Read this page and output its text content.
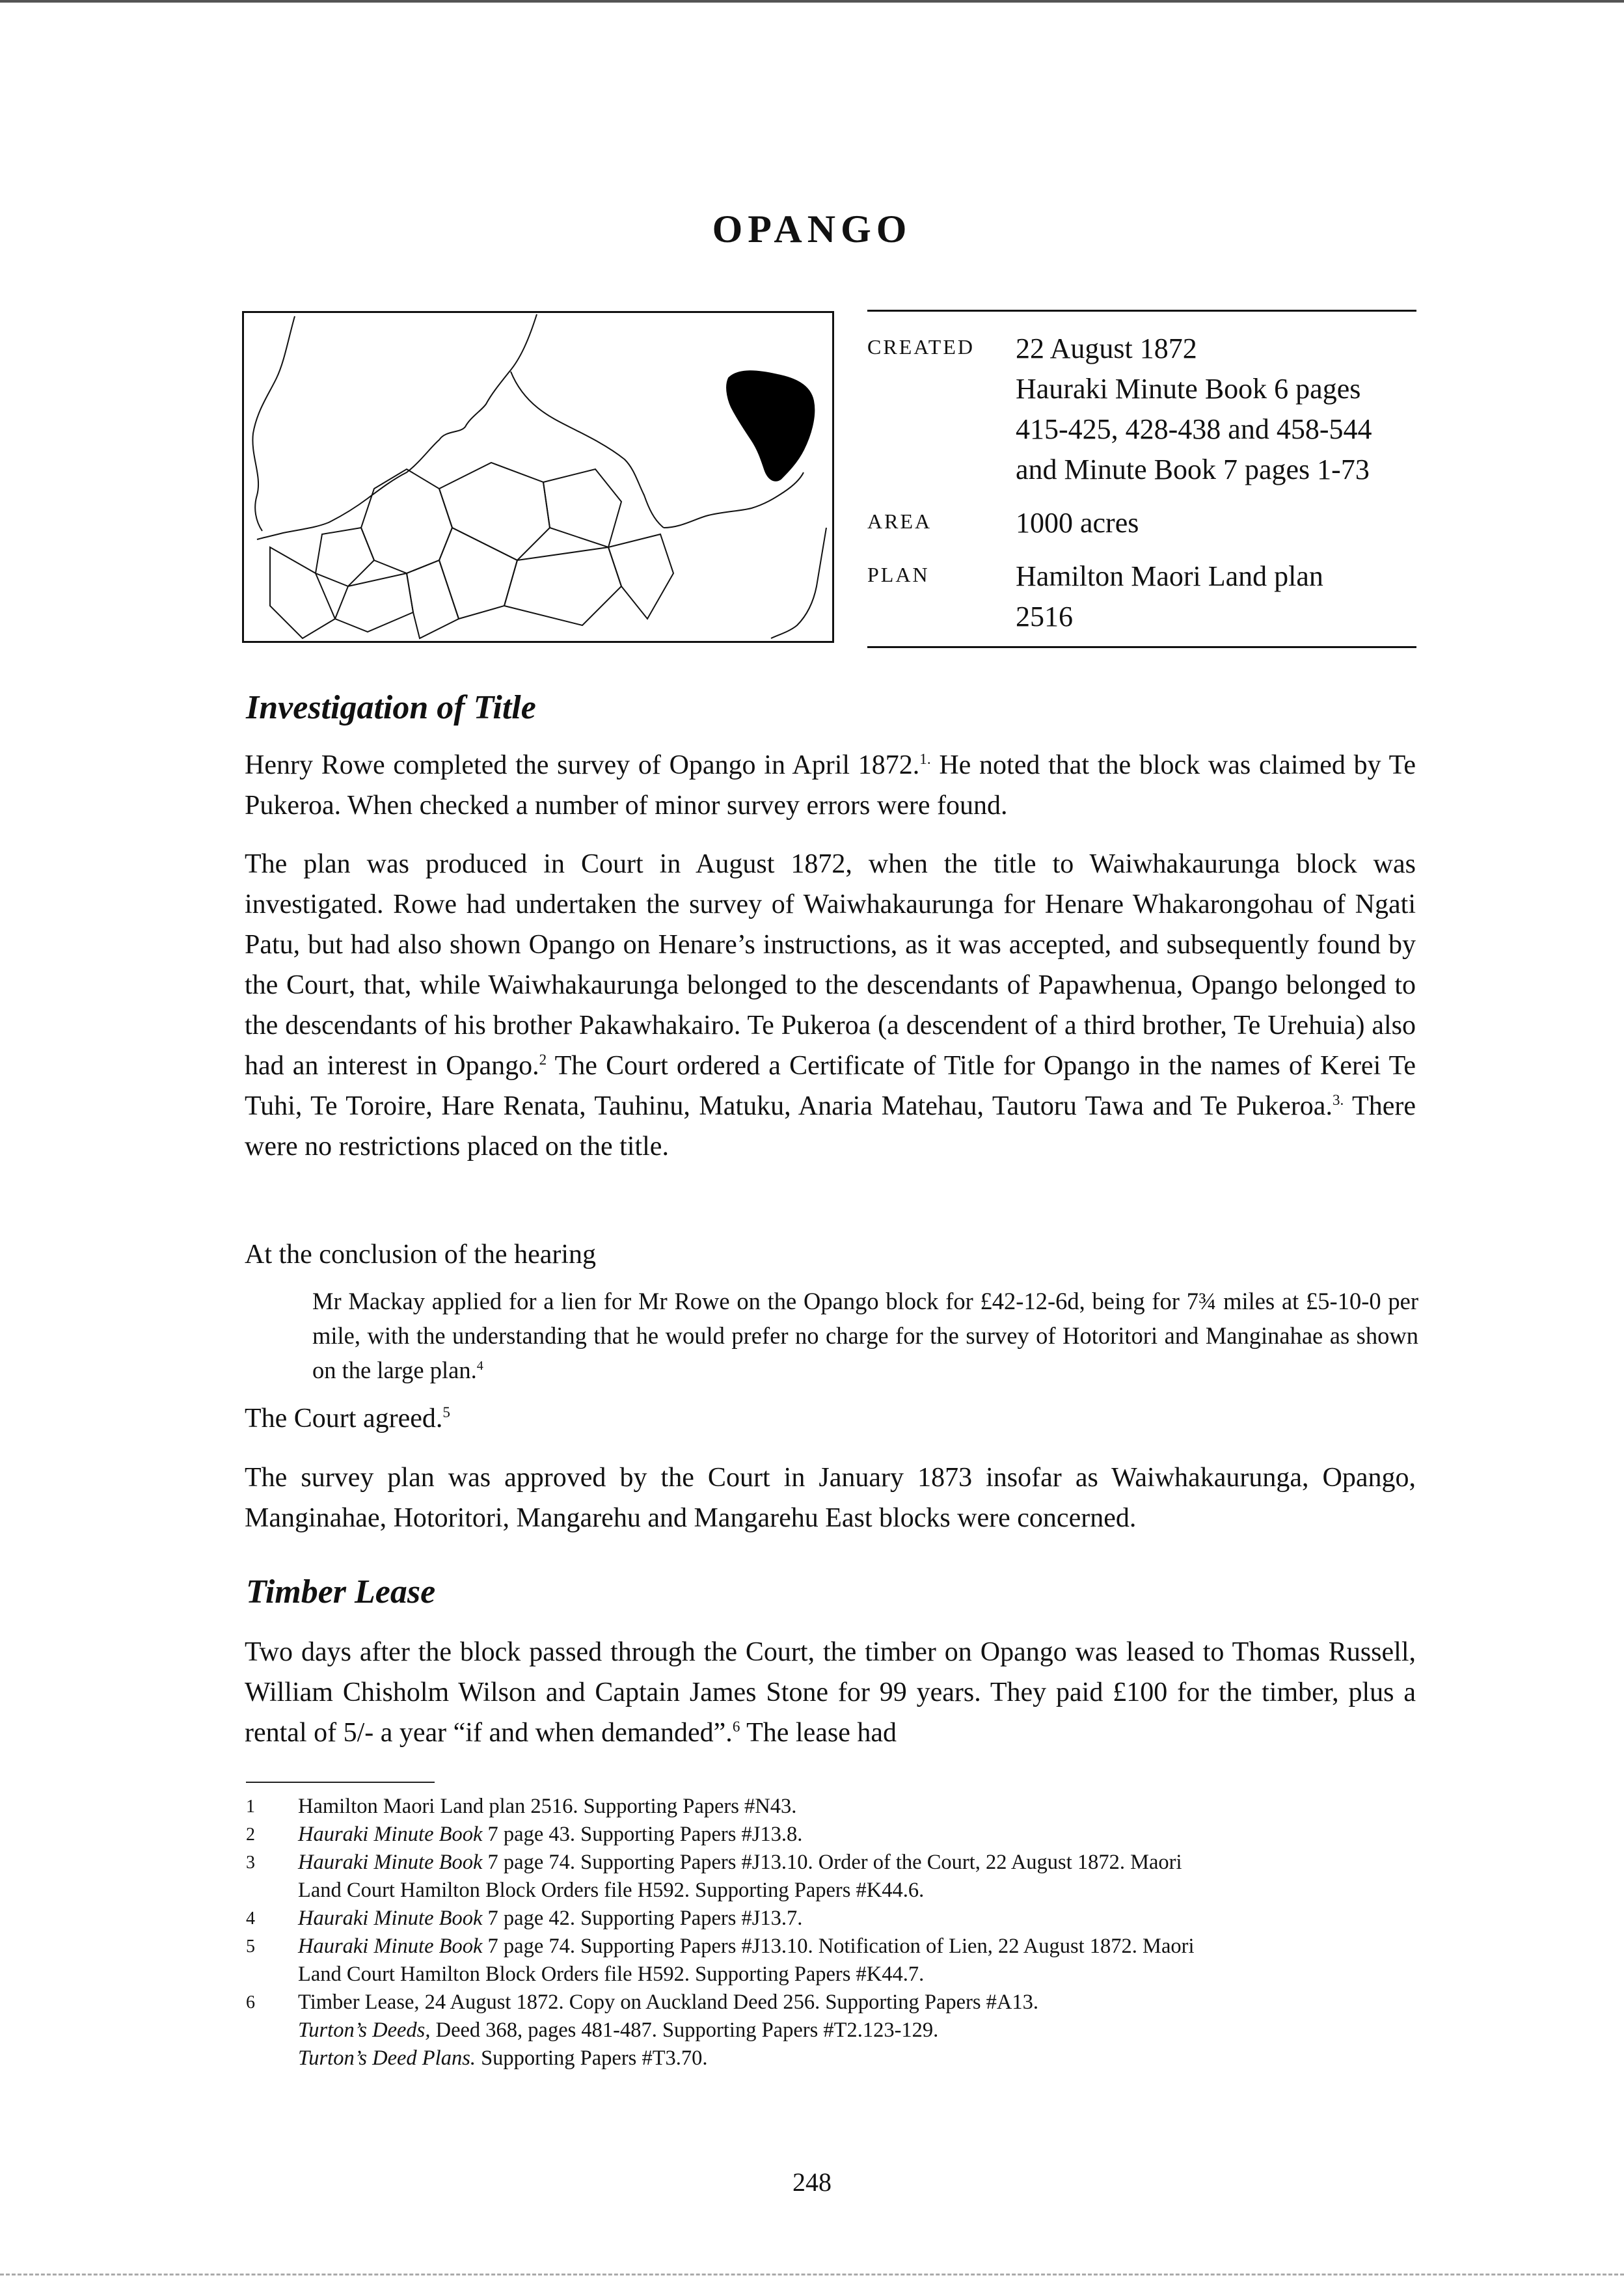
OPANGO
CREATED	22 August 1872
Hauraki Minute Book 6 pages
415-425, 428-438 and 458-544
and Minute Book 7 pages 1-73
AREA	1000 acres
PLAN	Hamilton Maori Land plan
2516
Investigation of Title
Henry Rowe completed the survey of Opango in April 1872.$^{1.}$ He noted that the block was claimed by Te Pukeroa. When checked a number of minor survey errors were found.
The plan was produced in Court in August 1872, when the title to Waiwhakaurunga block was investigated. Rowe had undertaken the survey of Waiwhakaurunga for Henare Whakarongohau of Ngati Patu, but had also shown Opango on Henare’s instructions, as it was accepted, and subsequently found by the Court, that, while Waiwhakaurunga belonged to the descendants of Papawhenua, Opango belonged to the descendants of his brother Pakawhakairo. Te Pukeroa (a descendent of a third brother, Te Urehuia) also had an interest in Opango.$^2$ The Court ordered a Certificate of Title for Opango in the names of Kerei Te Tuhi, Te Toroire, Hare Renata, Tauhinu, Matuku, Anaria Matehau, Tautoru Tawa and Te Pukeroa.$^{3.}$ There were no restrictions placed on the title.
At the conclusion of the hearing
Mr Mackay applied for a lien for Mr Rowe on the Opango block for £42-12-6d, being for 7¾ miles at £5-10-0 per mile, with the understanding that he would prefer no charge for the survey of Hotoritori and Manginahae as shown on the large plan.$^4$
The Court agreed.$^5$
The survey plan was approved by the Court in January 1873 insofar as Waiwhakaurunga, Opango, Manginahae, Hotoritori, Mangarehu and Mangarehu East blocks were concerned.
Timber Lease
Two days after the block passed through the Court, the timber on Opango was leased to Thomas Russell, William Chisholm Wilson and Captain James Stone for 99 years. They paid £100 for the timber, plus a rental of 5/- a year “if and when demanded”.$^6$ The lease had
1	Hamilton Maori Land plan 2516. Supporting Papers #N43.
2	Hauraki Minute Book 7 page 43. Supporting Papers #J13.8.
3	Hauraki Minute Book 7 page 74. Supporting Papers #J13.10. Order of the Court, 22 August 1872. Maori
Land Court Hamilton Block Orders file H592. Supporting Papers #K44.6.
4	Hauraki Minute Book 7 page 42. Supporting Papers #J13.7.
5	Hauraki Minute Book 7 page 74. Supporting Papers #J13.10. Notification of Lien, 22 August 1872. Maori
Land Court Hamilton Block Orders file H592. Supporting Papers #K44.7.
6	Timber Lease, 24 August 1872. Copy on Auckland Deed 256. Supporting Papers #A13.
Turton’s Deeds, Deed 368, pages 481-487. Supporting Papers #T2.123-129.
Turton’s Deed Plans. Supporting Papers #T3.70.
248
